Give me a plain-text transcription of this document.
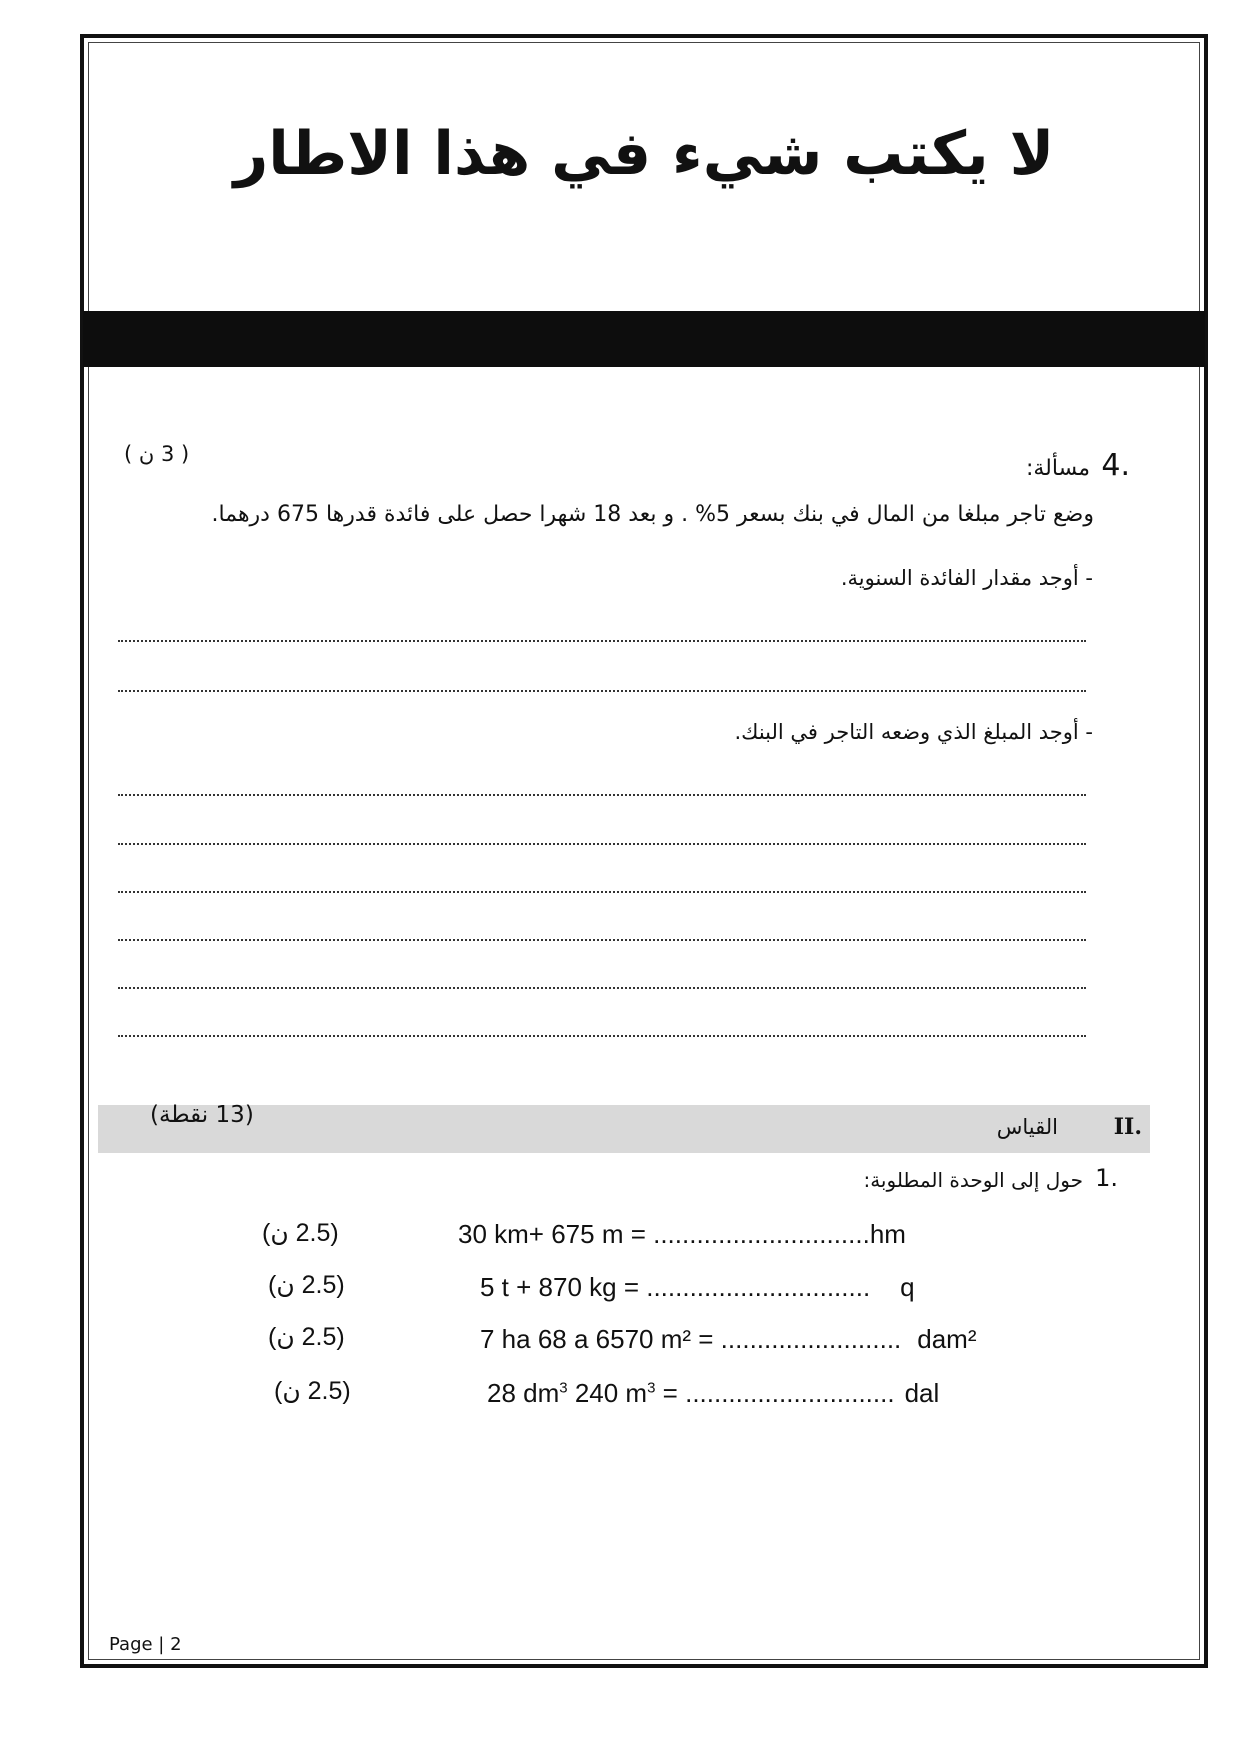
لا يكتب شيء في هذا الاطار
( 3 ن )	4.
مسألة:
وضع تاجر مبلغا من المال في بنك بسعر 5% . و بعد 18 شهرا حصل على فائدة قدرها 675 درهما.
- أوجد مقدار الفائدة السنوية.
- أوجد المبلغ الذي وضعه التاجر في البنك.
II.
القياس
(13 نقطة)
1.
حول إلى الوحدة المطلوبة:
(2.5 ن)	30 km+ 675 m = ..............................hm
(2.5 ن)	5 t + 870 kg = ............................... q
(2.5 ن)	7 ha 68 a 6570 m² = ......................... dam²
(2.5 ن)	28 $dm^3$ 240 $m^3$ = ............................. dal
Page | 2
